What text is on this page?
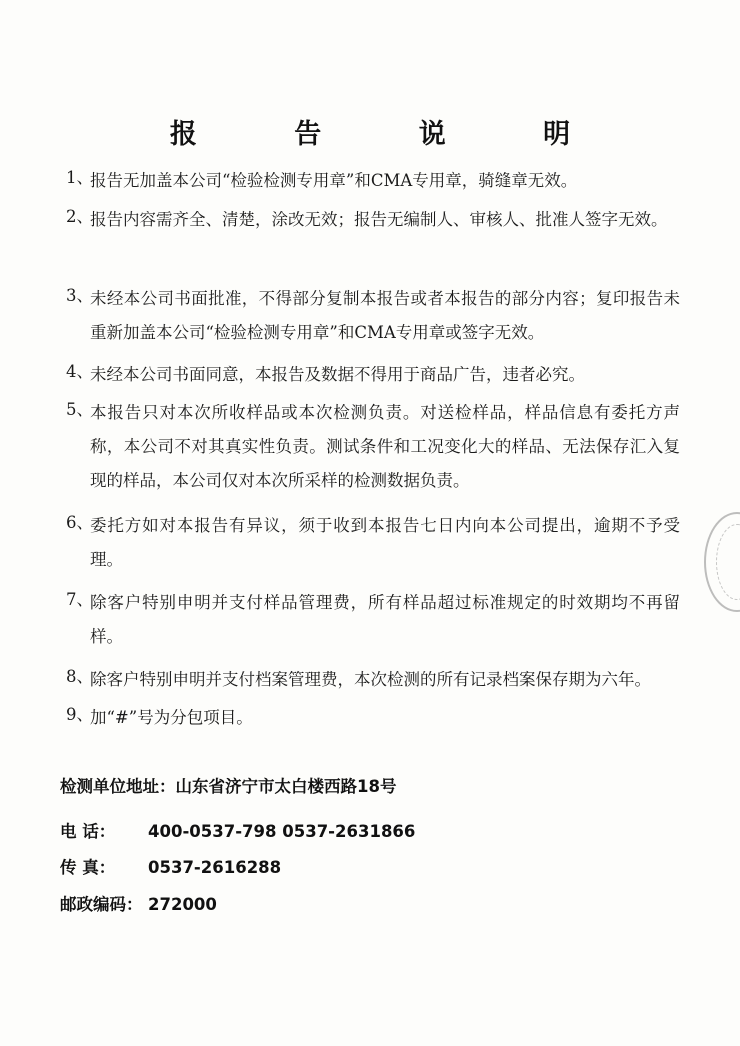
报 告 说 明
1、
报告无加盖本公司“检验检测专用章”和CMA专用章，骑缝章无效。
2、
报告内容需齐全、清楚，涂改无效；报告无编制人、审核人、批准人签字无效。
3、
未经本公司书面批准，不得部分复制本报告或者本报告的部分内容；复印报告未重新加盖本公司“检验检测专用章”和CMA专用章或签字无效。
4、
未经本公司书面同意，本报告及数据不得用于商品广告，违者必究。
5、
本报告只对本次所收样品或本次检测负责。对送检样品，样品信息有委托方声称，本公司不对其真实性负责。测试条件和工况变化大的样品、无法保存汇入复现的样品，本公司仅对本次所采样的检测数据负责。
6、
委托方如对本报告有异议，须于收到本报告七日内向本公司提出，逾期不予受理。
7、
除客户特别申明并支付样品管理费，所有样品超过标准规定的时效期均不再留样。
8、
除客户特别申明并支付档案管理费，本次检测的所有记录档案保存期为六年。
9、
加“#”号为分包项目。
检测单位地址：山东省济宁市太白楼西路18号
电 话： 400-0537-798 0537-2631866
传 真： 0537-2616288
邮政编码： 272000
